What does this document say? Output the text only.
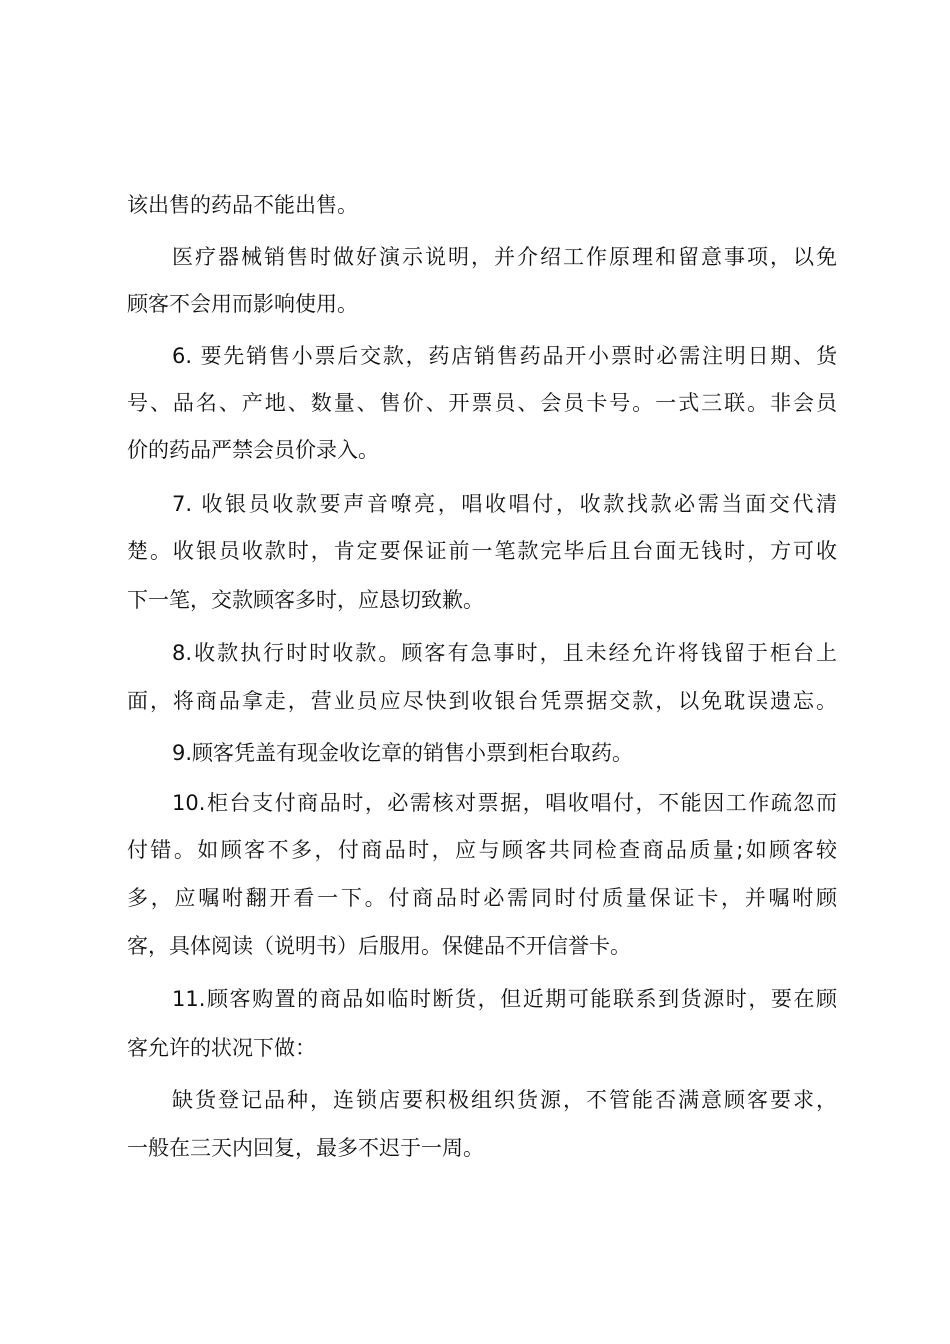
该出售的药品不能出售。

医疗器械销售时做好演示说明，并介绍工作原理和留意事项，以免

顾客不会用而影响使用。

6. 要先销售小票后交款，药店销售药品开小票时必需注明日期、货

号、品名、产地、数量、售价、开票员、会员卡号。一式三联。非会员

价的药品严禁会员价录入。

7. 收银员收款要声音嘹亮，唱收唱付，收款找款必需当面交代清

楚。收银员收款时，肯定要保证前一笔款完毕后且台面无钱时，方可收

下一笔，交款顾客多时，应恳切致歉。

8.收款执行时时收款。顾客有急事时，且未经允许将钱留于柜台上

面，将商品拿走，营业员应尽快到收银台凭票据交款，以免耽误遗忘。

9.顾客凭盖有现金收讫章的销售小票到柜台取药。

10.柜台支付商品时，必需核对票据，唱收唱付，不能因工作疏忽而

付错。如顾客不多，付商品时，应与顾客共同检查商品质量;如顾客较

多，应嘱咐翻开看一下。付商品时必需同时付质量保证卡，并嘱咐顾

客，具体阅读（说明书）后服用。保健品不开信誉卡。

11.顾客购置的商品如临时断货，但近期可能联系到货源时，要在顾

客允许的状况下做：

缺货登记品种，连锁店要积极组织货源，不管能否满意顾客要求，

一般在三天内回复，最多不迟于一周。
